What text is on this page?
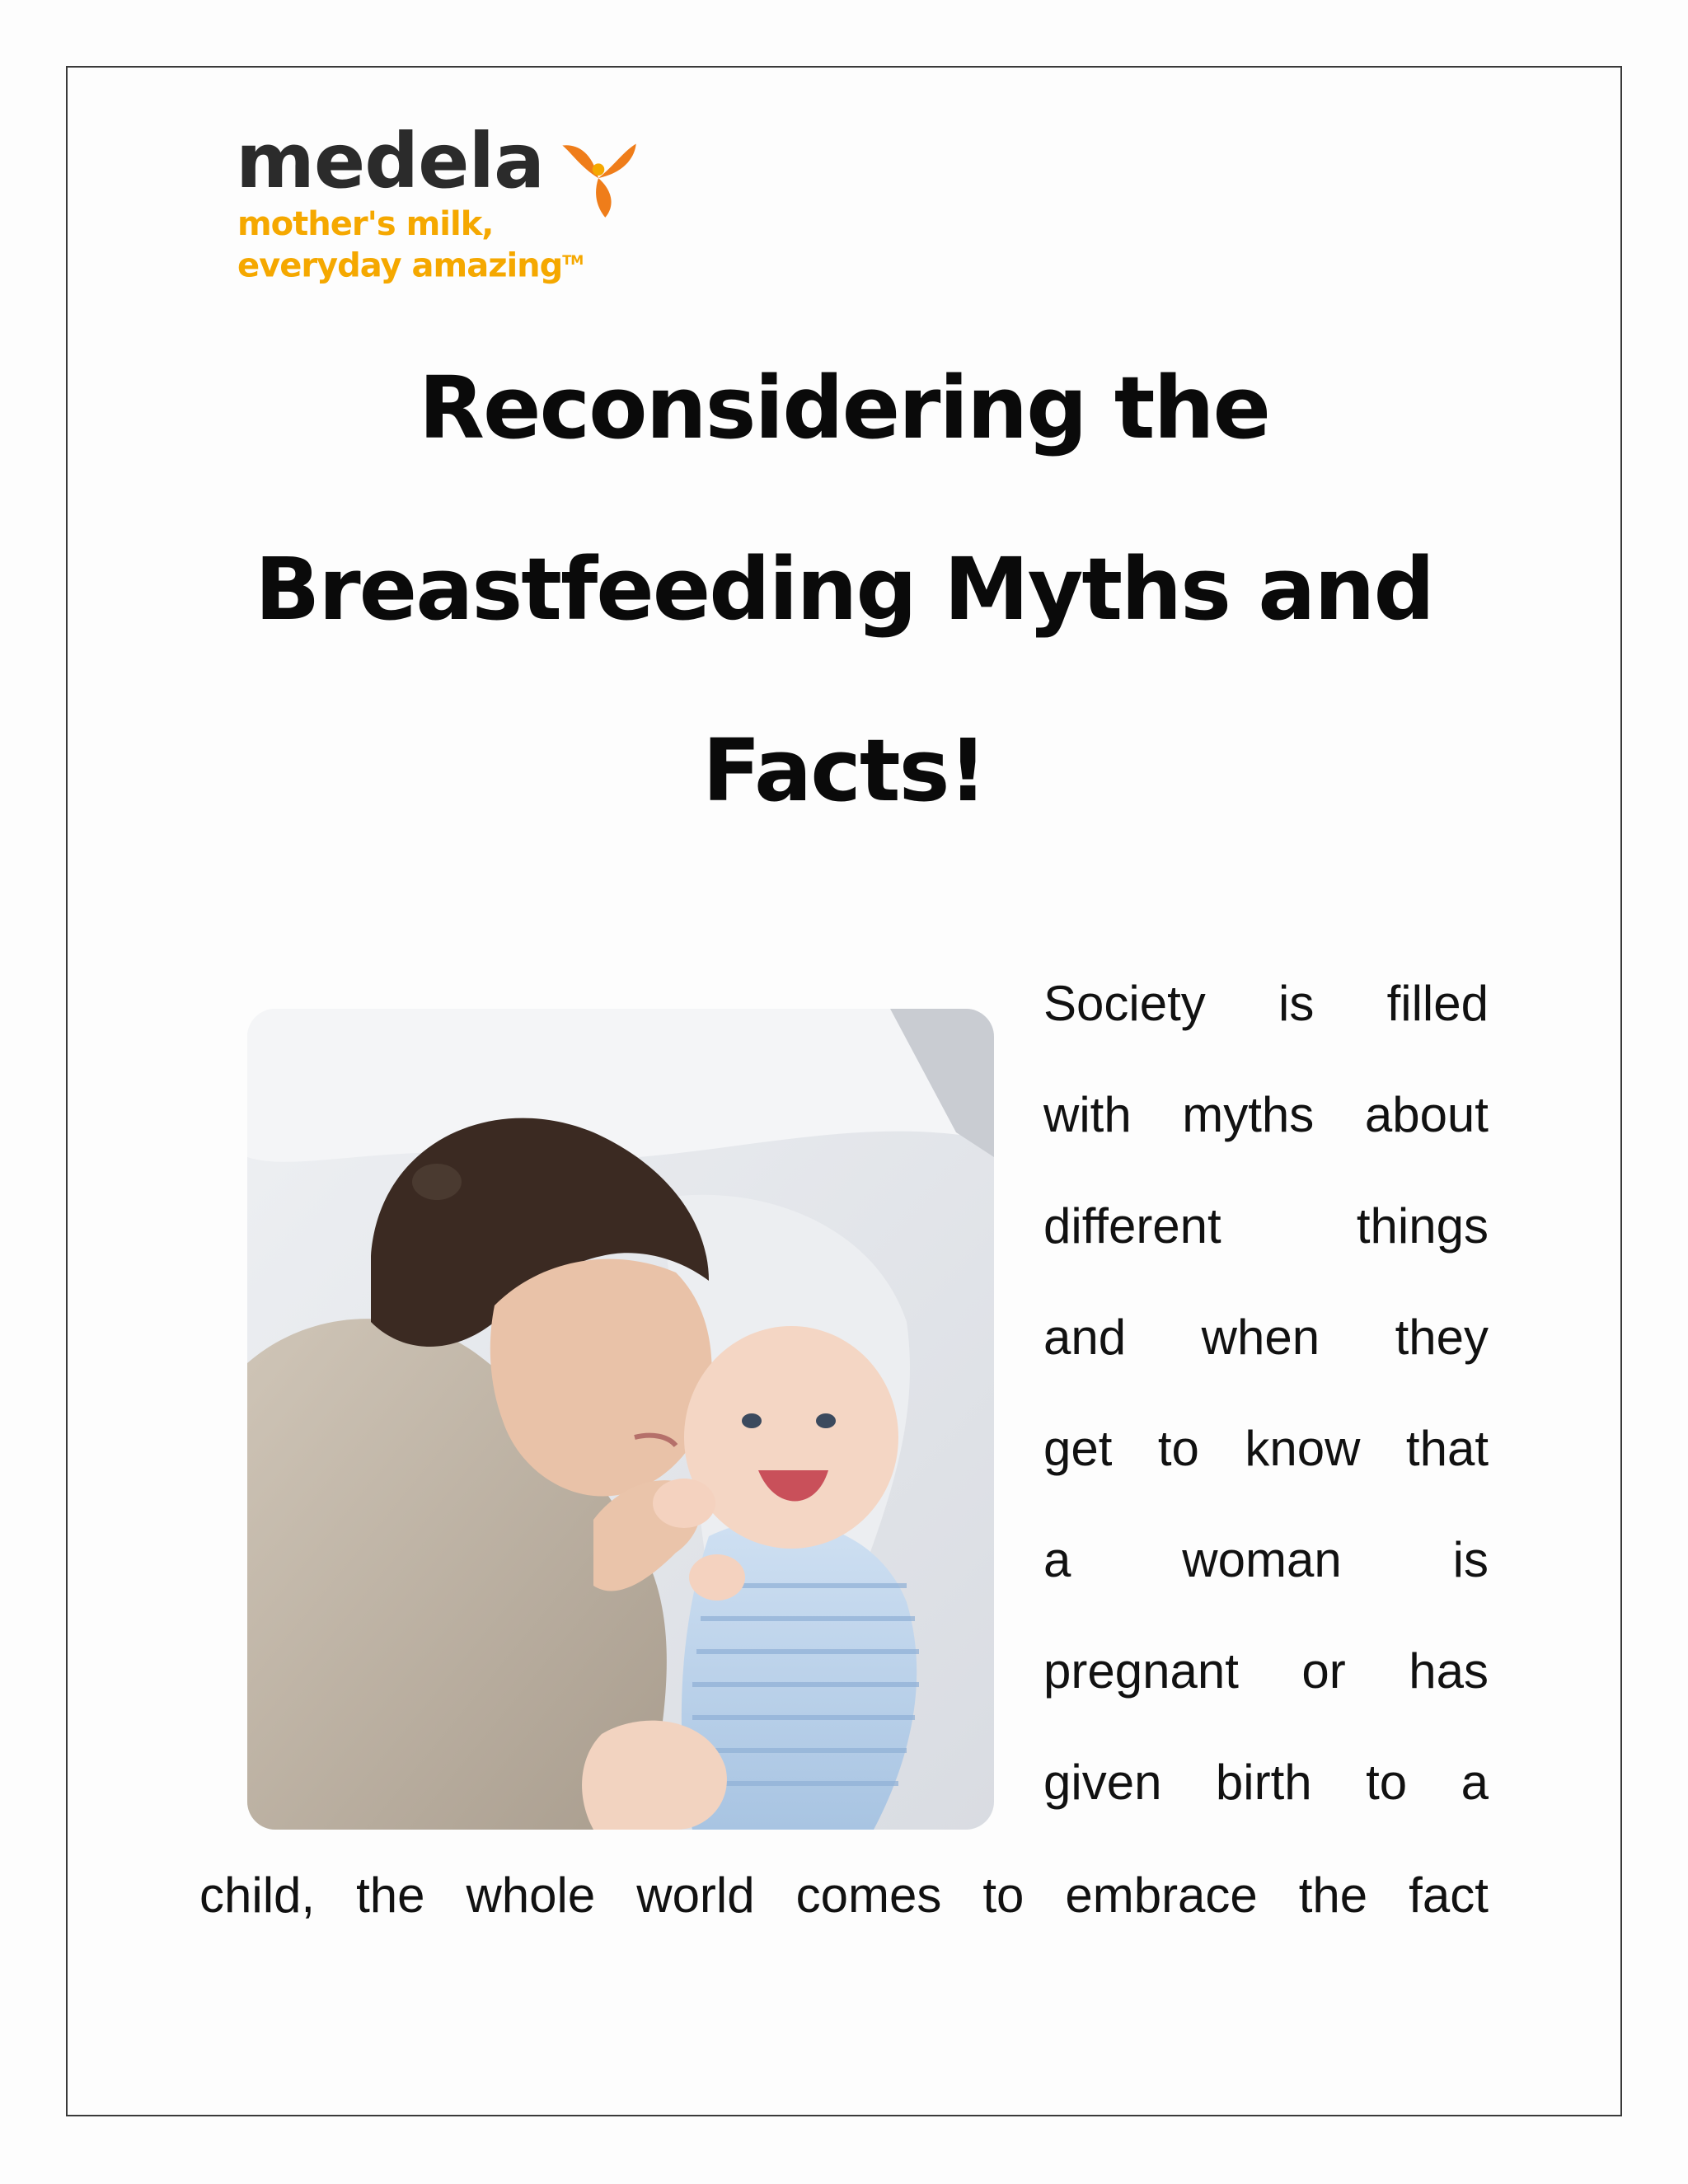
medela
mother's milk,
everyday amazing™
Reconsidering the
Breastfeeding Myths and
Facts!
Society is filled
with myths about
different	things
and when they
get to know that
a woman is
pregnant or has
given birth to a
child, the whole world comes to embrace the fact
